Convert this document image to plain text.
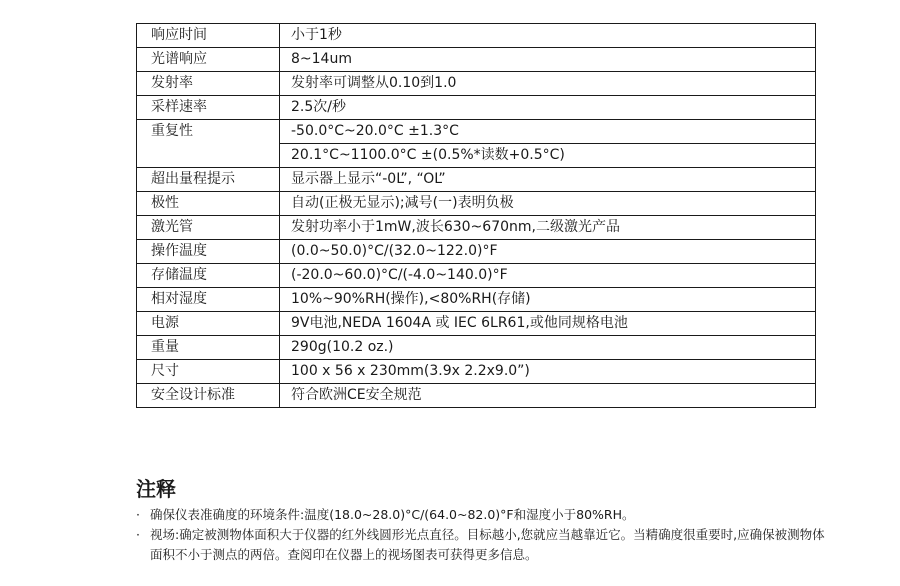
响应时间	小于1秒
光谱响应	8~14um
发射率	发射率可调整从0.10到1.0
采样速率	2.5次/秒
重复性	-50.0°C~20.0°C ±1.3°C
	20.1°C~1100.0°C ±(0.5%*读数+0.5°C)
超出量程提示	显示器上显示“-0L”, “OL”
极性	自动(正极无显示);减号(一)表明负极
激光管	发射功率小于1mW,波长630~670nm,二级激光产品
操作温度	(0.0~50.0)°C/(32.0~122.0)°F
存储温度	(-20.0~60.0)°C/(-4.0~140.0)°F
相对湿度	10%~90%RH(操作),<80%RH(存储)
电源	9V电池,NEDA 1604A 或 IEC 6LR61,或他同规格电池
重量	290g(10.2 oz.)
尺寸	100 x 56 x 230mm(3.9x 2.2x9.0”)
安全设计标准	符合欧洲CE安全规范
注释
· 确保仪表准确度的环境条件:温度(18.0~28.0)°C/(64.0~82.0)°F和湿度小于80%RH。
· 视场:确定被测物体面积大于仪器的红外线圆形光点直径。目标越小,您就应当越靠近它。当精确度很重要时,应确保被测物体面积不小于测点的两倍。查阅印在仪器上的视场图表可获得更多信息。
